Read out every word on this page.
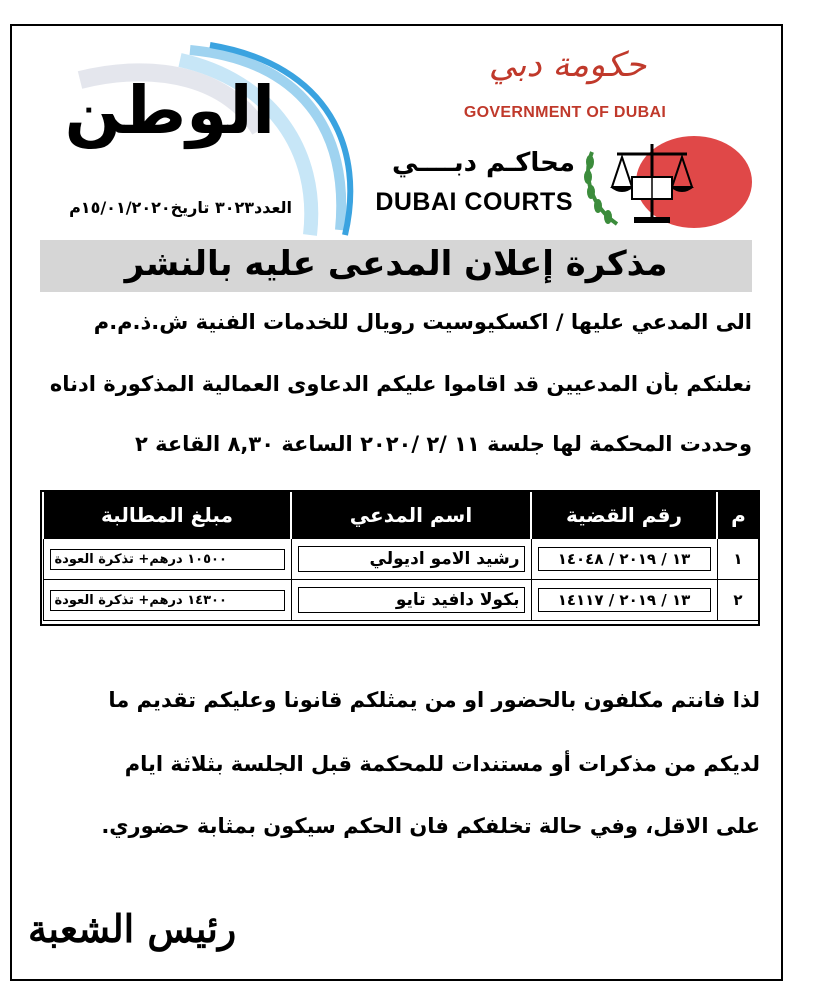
الوطن
العدد٣٠٢٣ تاريخ١٥/٠١/٢٠٢٠م
حكومة دبي
GOVERNMENT OF DUBAI
محاكـم دبــــي
DUBAI COURTS
مذكرة إعلان المدعى عليه بالنشر
الى المدعي عليها / اكسكيوسيت رويال للخدمات الفنية ش.ذ.م.م
نعلنكم بأن المدعيين قد اقاموا عليكم الدعاوى العمالية المذكورة ادناه
وحددت المحكمة لها جلسة ١١ /٢ /٢٠٢٠ الساعة ٨,٣٠ القاعة ٢
م	رقم القضية	اسم المدعي	مبلغ المطالبة
١	١٣ / ٢٠١٩ / ١٤٠٤٨	رشيد الامو اديولي	١٠٥٠٠ درهم+ تذكرة العودة

٢	١٣ / ٢٠١٩ / ١٤١١٧	بكولا دافيد تايو	١٤٣٠٠ درهم+ تذكرة العودة
لذا فانتم مكلفون بالحضور او من يمثلكم قانونا وعليكم تقديم ما
لديكم من مذكرات أو مستندات للمحكمة قبل الجلسة بثلاثة ايام
على الاقل، وفي حالة تخلفكم فان الحكم سيكون بمثابة حضوري.
رئيس الشعبة
